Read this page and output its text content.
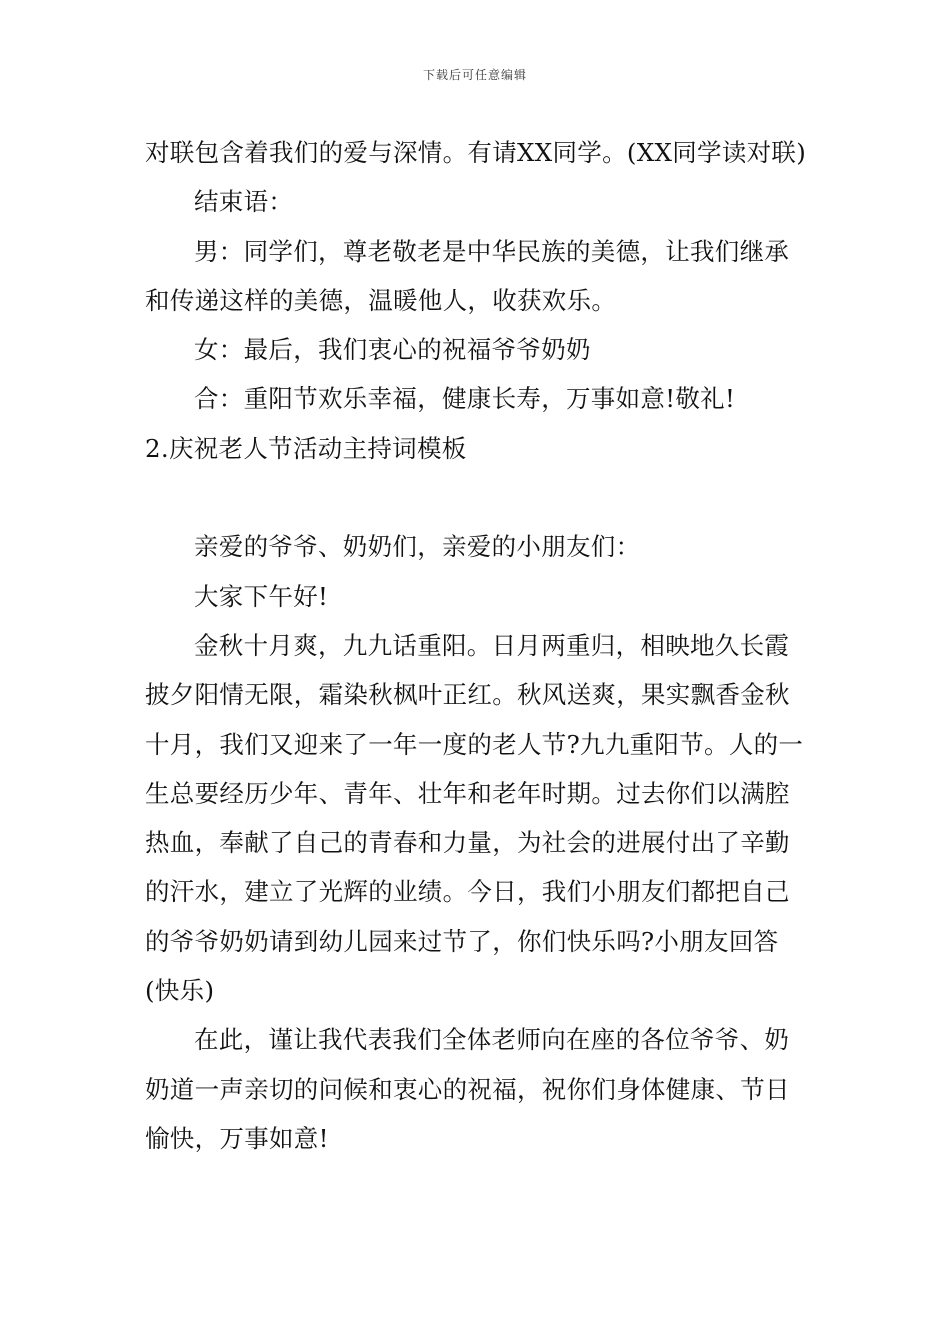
下载后可任意编辑

对联包含着我们的爱与深情。有请XX同学。(XX同学读对联)

结束语：

男：同学们，尊老敬老是中华民族的美德，让我们继承和传递这样的美德，温暖他人，收获欢乐。

女：最后，我们衷心的祝福爷爷奶奶

合：重阳节欢乐幸福，健康长寿，万事如意!敬礼!

2.庆祝老人节活动主持词模板

亲爱的爷爷、奶奶们，亲爱的小朋友们：

大家下午好!

金秋十月爽，九九话重阳。日月两重归，相映地久长霞披夕阳情无限，霜染秋枫叶正红。秋风送爽，果实飘香金秋十月，我们又迎来了一年一度的老人节?九九重阳节。人的一生总要经历少年、青年、壮年和老年时期。过去你们以满腔热血，奉献了自己的青春和力量，为社会的进展付出了辛勤的汗水，建立了光辉的业绩。今日，我们小朋友们都把自己的爷爷奶奶请到幼儿园来过节了，你们快乐吗?小朋友回答(快乐)

在此，谨让我代表我们全体老师向在座的各位爷爷、奶奶道一声亲切的问候和衷心的祝福，祝你们身体健康、节日愉快，万事如意!
